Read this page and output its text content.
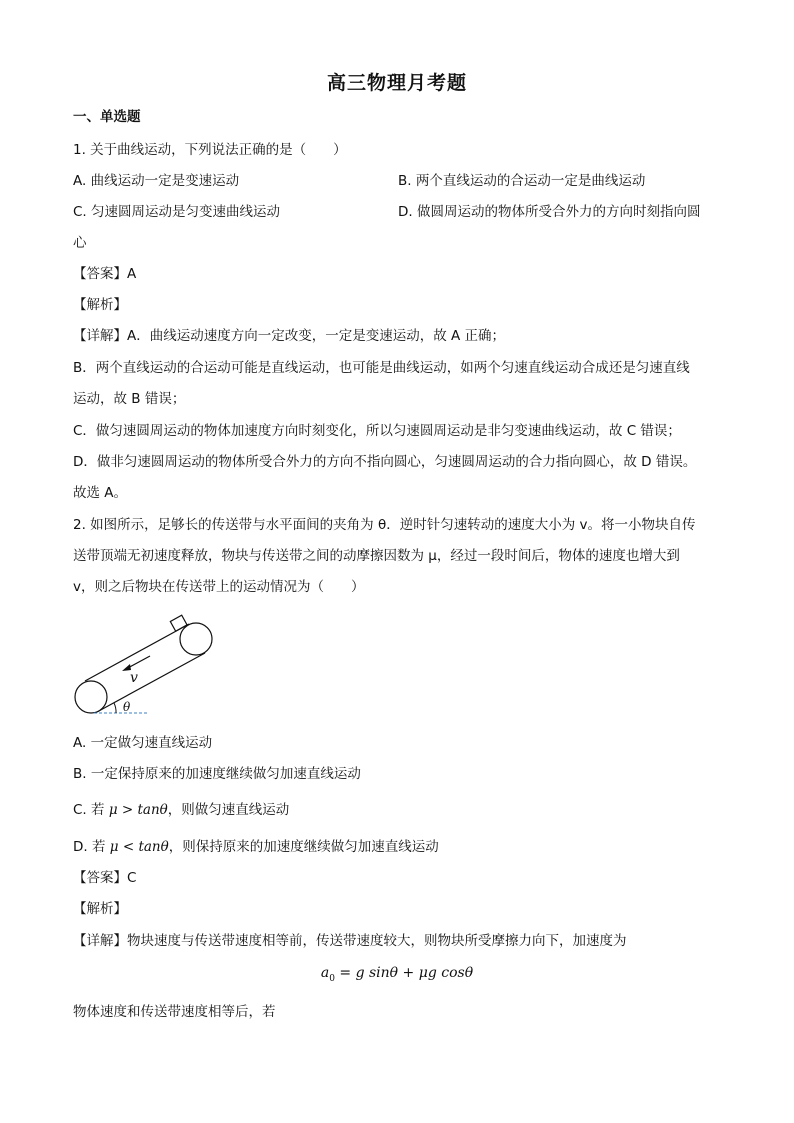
高三物理月考题
一、单选题
1. 关于曲线运动，下列说法正确的是（　　）
A. 曲线运动一定是变速运动	B. 两个直线运动的合运动一定是曲线运动
C. 匀速圆周运动是匀变速曲线运动	D. 做圆周运动的物体所受合外力的方向时刻指向圆
心
【答案】A
【解析】
【详解】A．曲线运动速度方向一定改变，一定是变速运动，故 A 正确；
B．两个直线运动的合运动可能是直线运动，也可能是曲线运动，如两个匀速直线运动合成还是匀速直线
运动，故 B 错误；
C．做匀速圆周运动的物体加速度方向时刻变化，所以匀速圆周运动是非匀变速曲线运动，故 C 错误；
D．做非匀速圆周运动的物体所受合外力的方向不指向圆心，匀速圆周运动的合力指向圆心，故 D 错误。
故选 A。
2. 如图所示，足够长的传送带与水平面间的夹角为 θ．逆时针匀速转动的速度大小为 v。将一小物块自传
送带顶端无初速度释放，物块与传送带之间的动摩擦因数为 μ，经过一段时间后，物体的速度也增大到
v，则之后物块在传送带上的运动情况为（　　）
v
θ
A. 一定做匀速直线运动
B. 一定保持原来的加速度继续做匀加速直线运动
C. 若 μ > tanθ，则做匀速直线运动
D. 若 μ < tanθ，则保持原来的加速度继续做匀加速直线运动
【答案】C
【解析】
【详解】物块速度与传送带速度相等前，传送带速度较大，则物块所受摩擦力向下，加速度为
$a_0 = g$ sinθ + μg cosθ
物体速度和传送带速度相等后，若
